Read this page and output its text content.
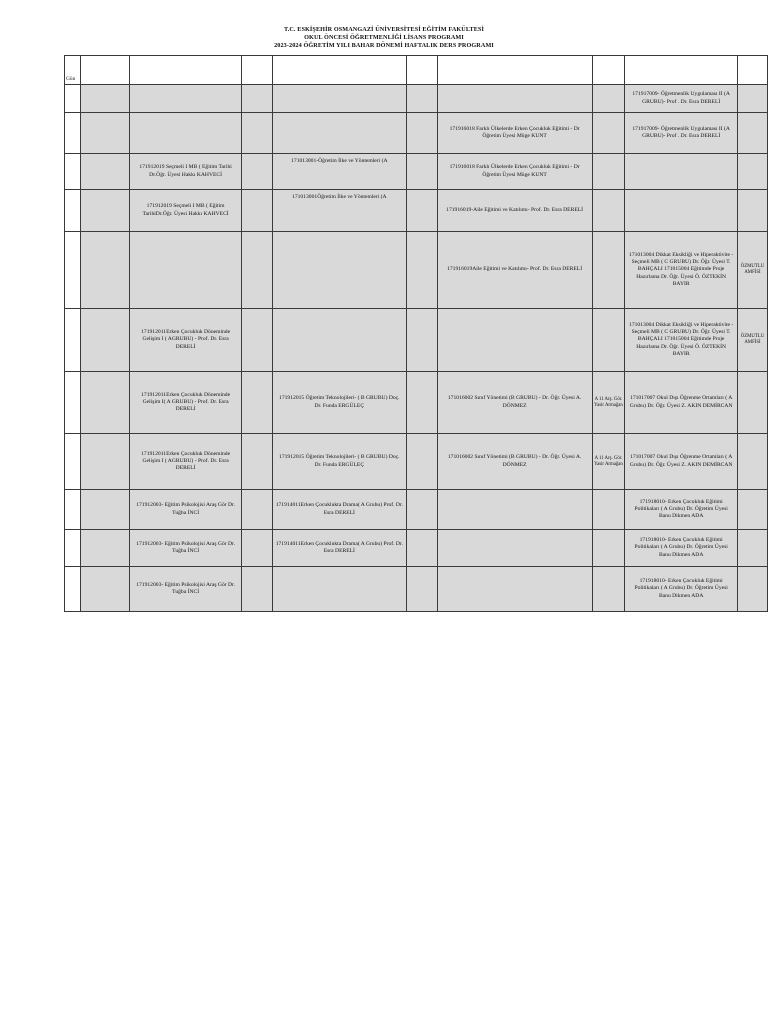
T.C. ESKİŞEHİR OSMANGAZİ ÜNİVERSİTESİ EĞİTİM FAKÜLTESİ
OKUL ÖNCESİ ÖĞRETMENLİĞİ LİSANS PROGRAMI
2023-2024 ÖĞRETİM YILI BAHAR DÖNEMİ HAFTALIK DERS PROGRAMI
Gün									
								171917009- Öğretmenlik Uygulaması II (A GRUBU)- Prof . Dr. Esra DERELİ	
						171916018 Farklı Ülkelerde Erken Çocukluk Eğitimi - Dr Öğretim Üyesi Müge KUNT		171917009- Öğretmenlik Uygulaması II (A GRUBU)- Prof . Dr. Esra DERELİ	
		171912019 Seçmeli I MB ( Eğitim Tarihi Dr.Öğr. Üyesi Hakkı KAHVECİ		171013001-Öğretim İlke ve Yöntemleri (A		171916018 Farklı Ülkelerde Erken Çocukluk Eğitimi - Dr Öğretim Üyesi Müge KUNT			
		171912019 Seçmeli I MB ( Eğitim TarihiDr.Öğr. Üyesi Hakkı KAHVECİ		171013001Öğretim İlke ve Yöntemleri (A		171916019-Aile Eğitimi ve Katılımı- Prof. Dr. Esra DERELİ			
						171916019Aile Eğitimi ve Katılımı- Prof. Dr. Esra DERELİ		171013004 Dikkat Eksikliği ve Hiperaktivite - Seçmeli MB ( C GRUBU) Dr. Öğr. Üyesi T. BAHÇALI 171015004 Eğitimde Proje Hazırlama Dr. Öğr. Üyesi Ö. ÖZTEKİN BAYIR	ÖZMUTLU AMFİSİ
		171912011Erken Çocukluk Döneminde Gelişim I ( AGRUBU) - Prof. Dr. Esra DERELİ						171013004 Dikkat Eksikliği ve Hiperaktivite - Seçmeli MB ( C GRUBU) Dr. Öğr. Üyesi T. BAHÇALI 171015004 Eğitimde Proje Hazırlama Dr. Öğr. Üyesi Ö. ÖZTEKİN BAYIR	ÖZMUTLU AMFİSİ
		171912011Erken Çocukluk Döneminde Gelişim I( A GRUBU) - Prof. Dr. Esra DERELİ		171912015 Öğretim Teknolojileri- ( B GRUBU) Doç. Dr. Funda ERGÜLEÇ		171016002 Sınıf Yönetimi (B GRUBU) - Dr. Öğr. Üyesi A. DÖNMEZ	A 11 Arş. Gör. Yasir Armağan	171017007 Okul Dışı Öğrenme Ortamları ( A Grubu) Dr. Öğr. Üyesi Z. AKIN DEMİRCAN	
		171912011Erken Çocukluk Döneminde Gelişim I ( AGRUBU) - Prof. Dr. Esra DERELİ		171912015 Öğretim Teknolojileri- ( B GRUBU) Doç. Dr. Funda ERGÜLEÇ		171016002 Sınıf Yönetimi (B GRUBU) - Dr. Öğr. Üyesi A. DÖNMEZ	A 11 Arş. Gör. Yasir Armağan	171017007 Okul Dışı Öğrenme Ortamları ( A Grubu) Dr. Öğr. Üyesi Z. AKIN DEMİRCAN	
		171912003- Eğitim Psikolojisi Araş Gör Dr. Tuğba İNCİ		171914011Erken Çocuklukta Drama( A Grubu) Prof. Dr. Esra DERELİ				171918010- Erken Çocukluk Eğitimi Politikaları ( A Grubu) Dr. Öğretim Üyesi Banu Dikmen ADA	
		171912003- Eğitim Psikolojisi Araş Gör Dr. Tuğba İNCİ		171914011Erken Çocuklukta Drama( A Grubu) Prof. Dr. Esra DERELİ				171918010- Erken Çocukluk Eğitimi Politikaları ( A Grubu) Dr. Öğretim Üyesi Banu Dikmen ADA	
		171912003- Eğitim Psikolojisi Araş Gör Dr. Tuğba İNCİ						171918010- Erken Çocukluk Eğitimi Politikaları ( A Grubu) Dr. Öğretim Üyesi Banu Dikmen ADA	
